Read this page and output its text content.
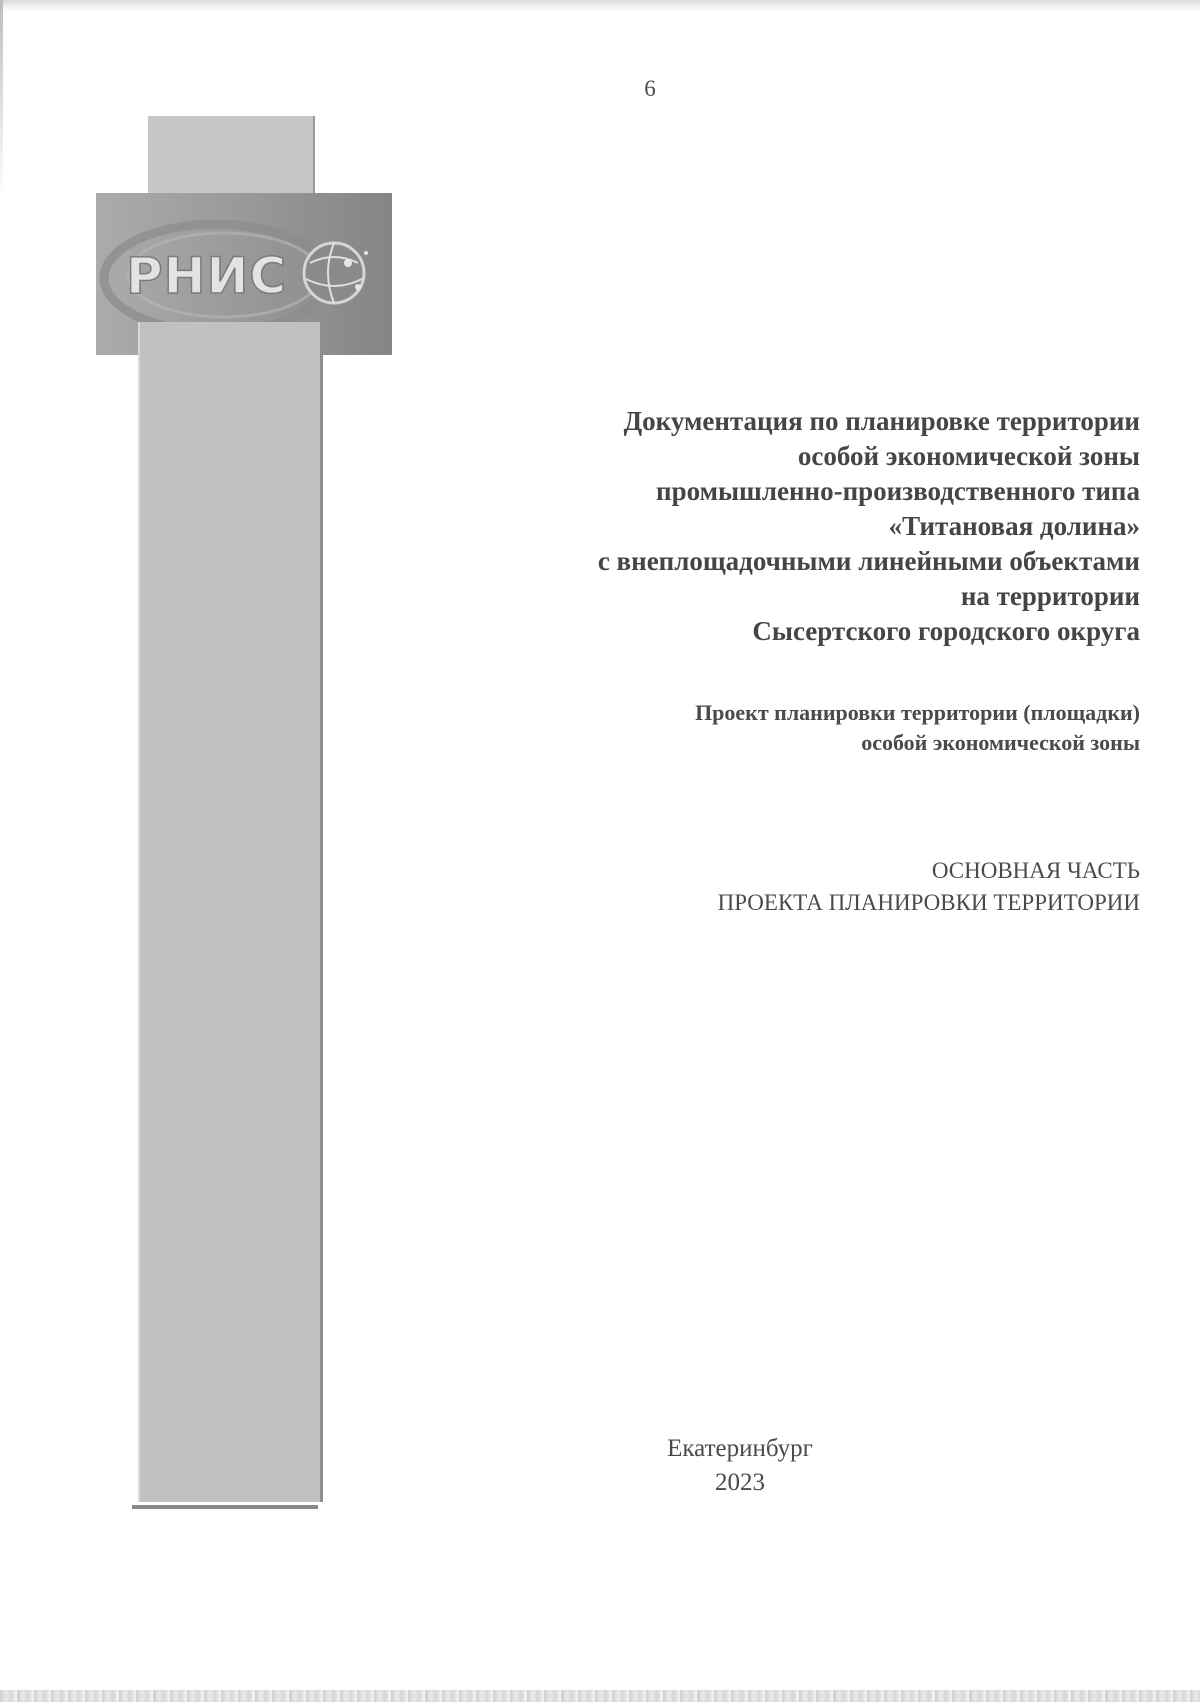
6
РНИС
Документация по планировке территории
особой экономической зоны
промышленно-производственного типа
«Титановая долина»
с внеплощадочными линейными объектами
на территории
Сысертского городского округа
Проект планировки территории (площадки)
особой экономической зоны
ОСНОВНАЯ ЧАСТЬ
ПРОЕКТА ПЛАНИРОВКИ ТЕРРИТОРИИ
Екатеринбург
2023
